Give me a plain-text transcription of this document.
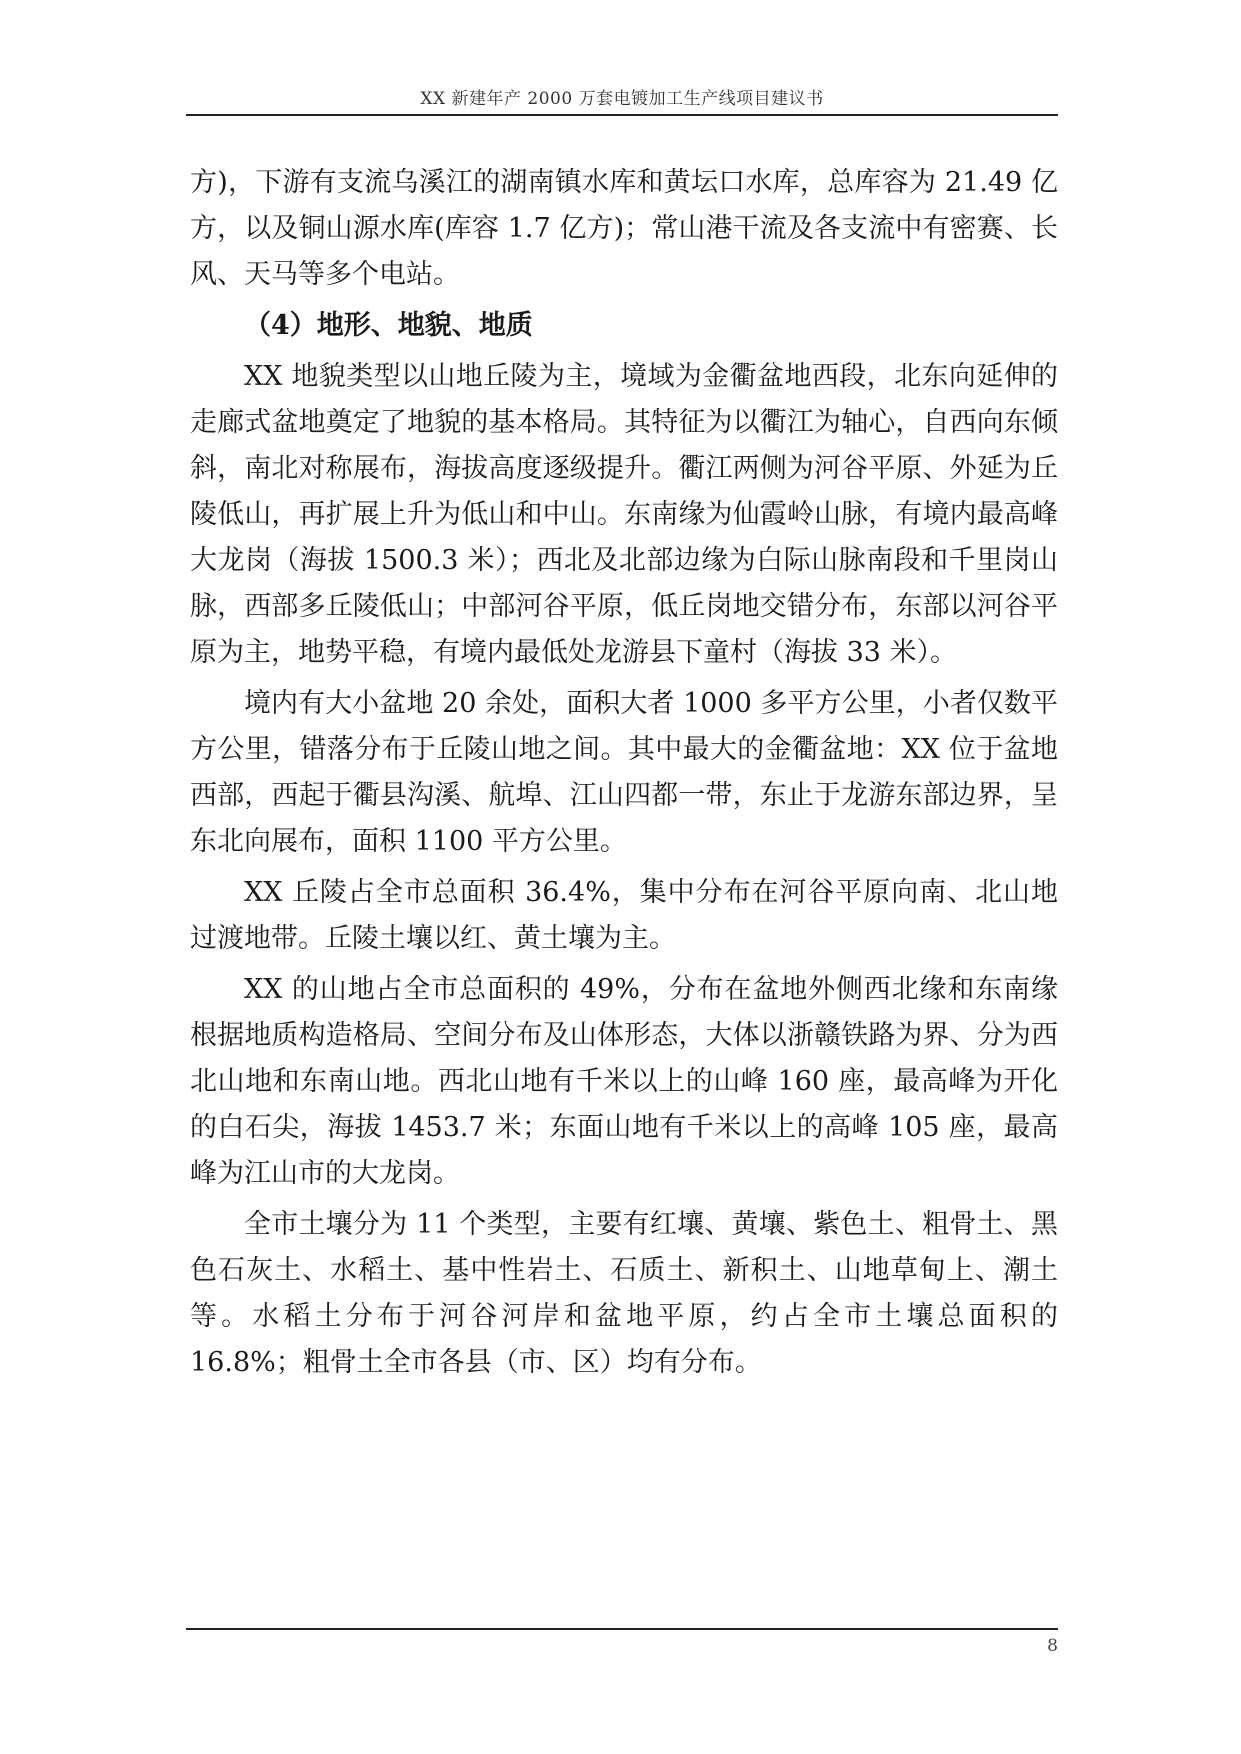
XX 新建年产 2000 万套电镀加工生产线项目建议书

方)，下游有支流乌溪江的湖南镇水库和黄坛口水库，总库容为 21.49 亿方，以及铜山源水库(库容 1.7 亿方)；常山港干流及各支流中有密赛、长风、天马等多个电站。

（4）地形、地貌、地质

XX 地貌类型以山地丘陵为主，境域为金衢盆地西段，北东向延伸的走廊式盆地奠定了地貌的基本格局。其特征为以衢江为轴心，自西向东倾斜，南北对称展布，海拔高度逐级提升。衢江两侧为河谷平原、外延为丘陵低山，再扩展上升为低山和中山。东南缘为仙霞岭山脉，有境内最高峰大龙岗（海拔 1500.3 米）；西北及北部边缘为白际山脉南段和千里岗山脉，西部多丘陵低山；中部河谷平原，低丘岗地交错分布，东部以河谷平原为主，地势平稳，有境内最低处龙游县下童村（海拔 33 米）。

境内有大小盆地 20 余处，面积大者 1000 多平方公里，小者仅数平方公里，错落分布于丘陵山地之间。其中最大的金衢盆地：XX 位于盆地西部，西起于衢县沟溪、航埠、江山四都一带，东止于龙游东部边界，呈东北向展布，面积 1100 平方公里。

XX 丘陵占全市总面积 36.4%，集中分布在河谷平原向南、北山地过渡地带。丘陵土壤以红、黄土壤为主。

XX 的山地占全市总面积的 49%，分布在盆地外侧西北缘和东南缘根据地质构造格局、空间分布及山体形态，大体以浙赣铁路为界、分为西北山地和东南山地。西北山地有千米以上的山峰 160 座，最高峰为开化的白石尖，海拔 1453.7 米；东面山地有千米以上的高峰 105 座，最高峰为江山市的大龙岗。

全市土壤分为 11 个类型，主要有红壤、黄壤、紫色土、粗骨土、黑色石灰土、水稻土、基中性岩土、石质土、新积土、山地草甸上、潮土等。水稻土分布于河谷河岸和盆地平原，约占全市土壤总面积的 16.8%；粗骨土全市各县（市、区）均有分布。

8
